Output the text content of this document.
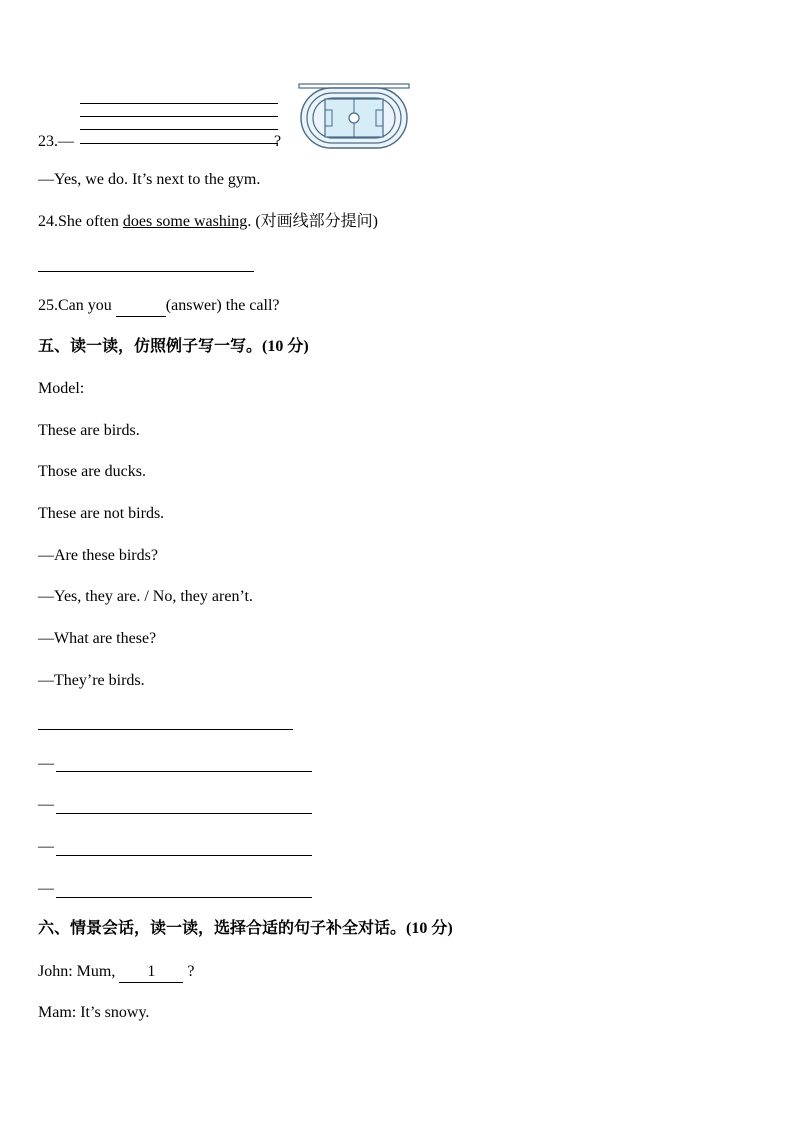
23.—	?
—Yes, we do. It’s next to the gym.
24.She often does some washing. (对画线部分提问)
25.Can you	(answer) the call?
五、读一读，仿照例子写一写。(10 分)
Model:
These are birds.
Those are ducks.
These are not birds.
—Are these birds?
—Yes, they are. / No, they aren’t.
—What are these?
—They’re birds.
—
—
—
—
六、情景会话，读一读，选择合适的句子补全对话。(10 分)
John: Mum, 1 ?
Mam: It’s snowy.
